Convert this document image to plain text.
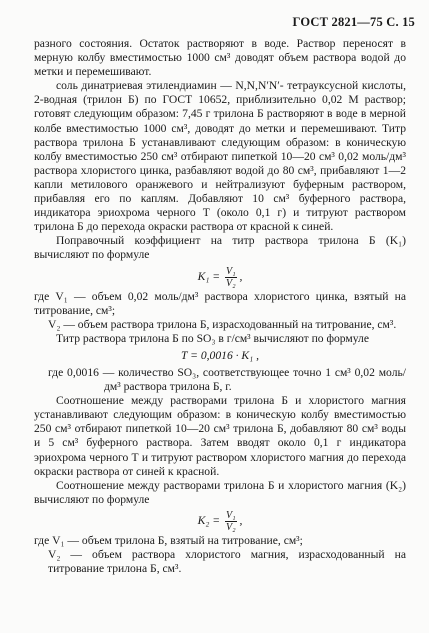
ГОСТ 2821—75 С. 15

разного состояния. Остаток растворяют в воде. Раствор переносят в мерную колбу вместимостью 1000 см³ доводят объем раствора водой до метки и перемешивают.

соль динатриевая этилендиамин — N,N,N′N′- тетрауксусной кислоты, 2-водная (трилон Б) по ГОСТ 10652, приблизительно 0,02 М раствор; готовят следующим образом: 7,45 г трилона Б растворяют в воде в мерной колбе вместимостью 1000 см³, доводят до метки и перемешивают. Титр раствора трилона Б устанавливают следующим образом: в коническую колбу вместимостью 250 см³ отбирают пипеткой 10—20 см³ 0,02 моль/дм³ раствора хлористого цинка, разбавляют водой до 80 см³, прибавляют 1—2 капли метилового оранжевого и нейтрализуют буферным раствором, прибавляя его по каплям. Добавляют 10 см³ буферного раствора, индикатора эриохрома черного Т (около 0,1 г) и титруют раствором трилона Б до перехода окраски раствора от красной к синей.

Поправочный коэффициент на титр раствора трилона Б (K₁) вычисляют по формуле

$K_1 = \frac{\text{V₁}}{\text{V₂}}$ ,

где V₁ — объем 0,02 моль/дм³ раствора хлористого цинка, взятый на титрование, см³;

V₂ — объем раствора трилона Б, израсходованный на титрование, см³.

Титр раствора трилона Б по SO₃ в г/см³ вычисляют по формуле

T = 0,0016 · K₁ ,

где 0,0016 — количество SO₃, соответствующее точно 1 см³ 0,02 моль/дм³ раствора трилона Б, г.

Соотношение между растворами трилона Б и хлористого магния устанавливают следующим образом: в коническую колбу вместимостью 250 см³ отбирают пипеткой 10—20 см³ трилона Б, добавляют 80 см³ воды и 5 см³ буферного раствора. Затем вводят около 0,1 г индикатора эриохрома черного Т и титруют раствором хлористого магния до перехода окраски раствора от синей к красной.

Соотношение между растворами трилона Б и хлористого магния (K₂) вычисляют по формуле

$K_2 = \frac{\text{V₁}}{\text{V₂}}$ ,

где V₁ — объем трилона Б, взятый на титрование, см³;

V₂ — объем раствора хлористого магния, израсходованный на титрование трилона Б, см³.
